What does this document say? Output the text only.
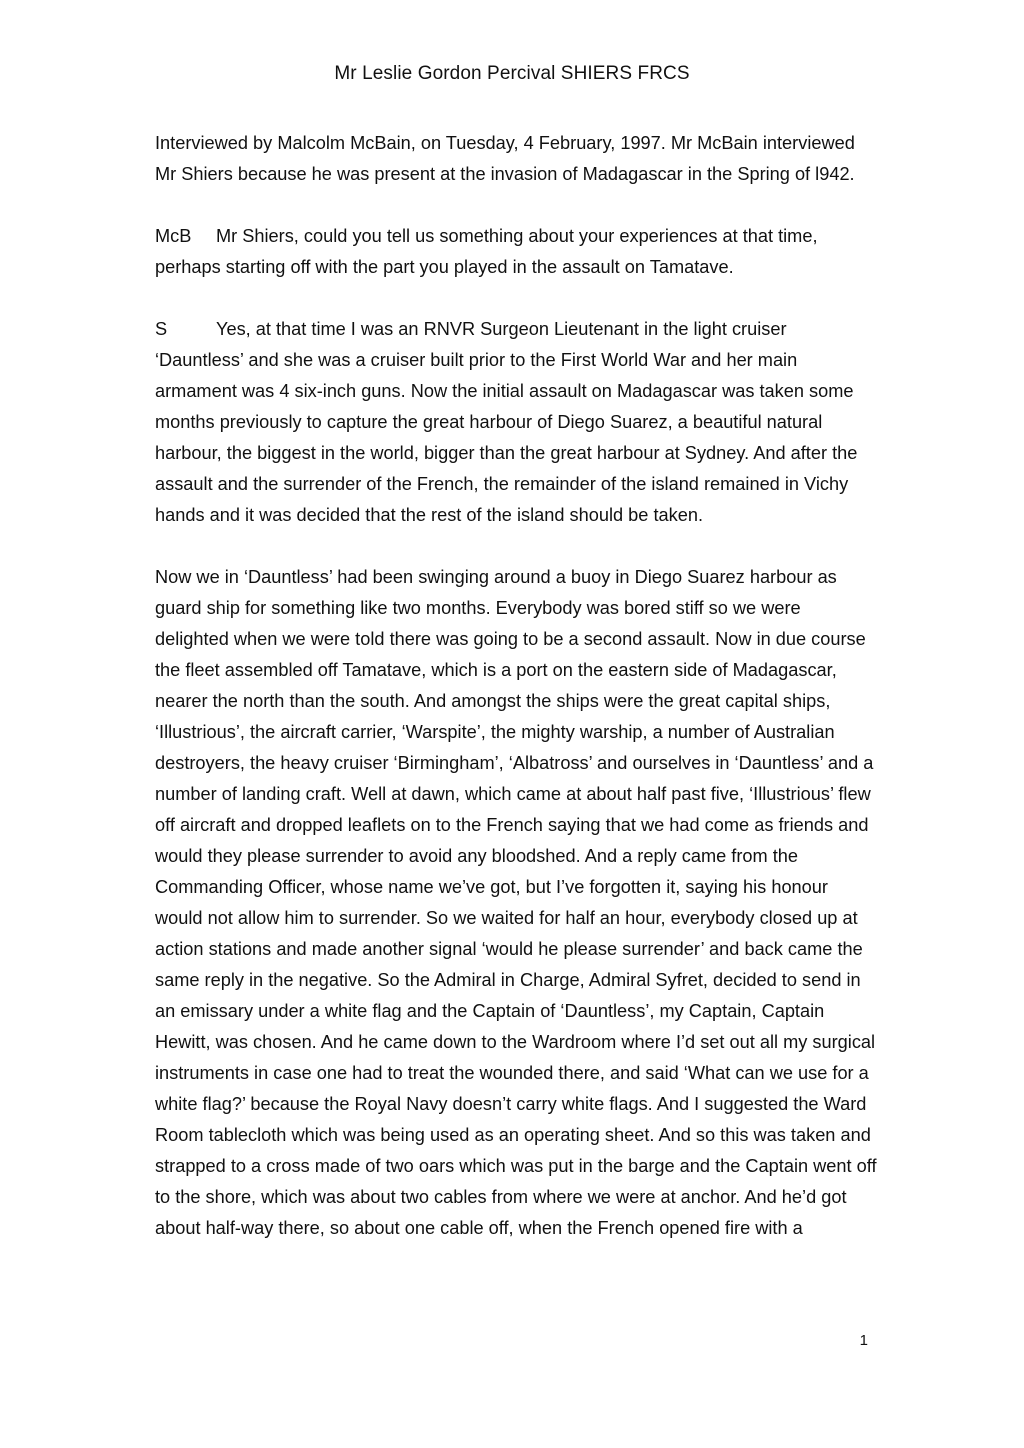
Mr Leslie Gordon Percival SHIERS FRCS

Interviewed by Malcolm McBain, on Tuesday, 4 February, 1997. Mr McBain interviewed Mr Shiers because he was present at the invasion of Madagascar in the Spring of l942.

McB Mr Shiers, could you tell us something about your experiences at that time, perhaps starting off with the part you played in the assault on Tamatave.

S	Yes, at that time I was an RNVR Surgeon Lieutenant in the light cruiser ‘Dauntless’ and she was a cruiser built prior to the First World War and her main armament was 4 six-inch guns. Now the initial assault on Madagascar was taken some months previously to capture the great harbour of Diego Suarez, a beautiful natural harbour, the biggest in the world, bigger than the great harbour at Sydney. And after the assault and the surrender of the French, the remainder of the island remained in Vichy hands and it was decided that the rest of the island should be taken.

Now we in ‘Dauntless’ had been swinging around a buoy in Diego Suarez harbour as guard ship for something like two months. Everybody was bored stiff so we were delighted when we were told there was going to be a second assault. Now in due course the fleet assembled off Tamatave, which is a port on the eastern side of Madagascar, nearer the north than the south. And amongst the ships were the great capital ships, ‘Illustrious’, the aircraft carrier, ‘Warspite’, the mighty warship, a number of Australian destroyers, the heavy cruiser ‘Birmingham’, ‘Albatross’ and ourselves in ‘Dauntless’ and a number of landing craft. Well at dawn, which came at about half past five, ‘Illustrious’ flew off aircraft and dropped leaflets on to the French saying that we had come as friends and would they please surrender to avoid any bloodshed. And a reply came from the Commanding Officer, whose name we’ve got, but I’ve forgotten it, saying his honour would not allow him to surrender. So we waited for half an hour, everybody closed up at action stations and made another signal ‘would he please surrender’ and back came the same reply in the negative. So the Admiral in Charge, Admiral Syfret, decided to send in an emissary under a white flag and the Captain of ‘Dauntless’, my Captain, Captain Hewitt, was chosen. And he came down to the Wardroom where I’d set out all my surgical instruments in case one had to treat the wounded there, and said ‘What can we use for a white flag?’ because the Royal Navy doesn’t carry white flags. And I suggested the Ward Room tablecloth which was being used as an operating sheet. And so this was taken and strapped to a cross made of two oars which was put in the barge and the Captain went off to the shore, which was about two cables from where we were at anchor. And he’d got about half-way there, so about one cable off, when the French opened fire with a

1
